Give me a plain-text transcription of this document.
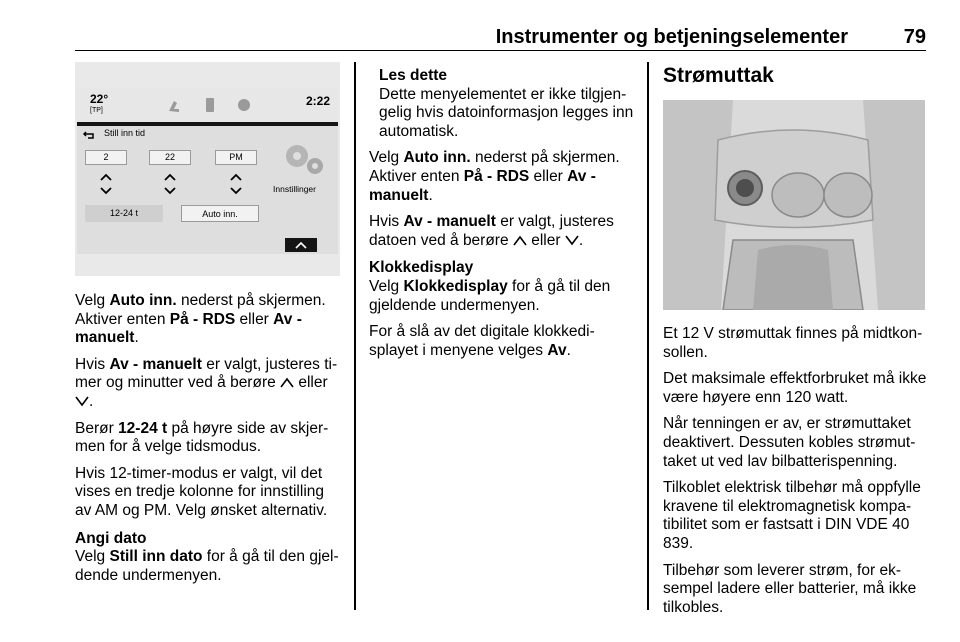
Instrumenter og betjeningselementer	79
22°
[TP]
2:22
Still inn tid
2	22	PM
12-24 t	Auto inn.
Innstillinger

Velg Auto inn. nederst på skjermen. Aktiver enten På - RDS eller Av - manuelt.

Hvis Av - manuelt er valgt, justeres timer og minutter ved å berøre  eller .

Berør 12-24 t på høyre side av skjermen for å velge tidsmodus.

Hvis 12-timer-modus er valgt, vil det vises en tredje kolonne for innstilling av AM og PM. Velg ønsket alternativ.

Angi dato

Velg Still inn dato for å gå til den gjeldende undermenyen.

Les dette

Dette menyelementet er ikke tilgjengelig hvis datoinformasjon legges inn automatisk.

Velg Auto inn. nederst på skjermen. Aktiver enten På - RDS eller Av - manuelt.

Hvis Av - manuelt er valgt, justeres datoen ved å berøre  eller .

Klokkedisplay

Velg Klokkedisplay for å gå til den gjeldende undermenyen.

For å slå av det digitale klokkedisplayet i menyene velges Av.

Strømuttak

Et 12 V strømuttak finnes på midtkonsollen.

Det maksimale effektforbruket må ikke være høyere enn 120 watt.

Når tenningen er av, er strømuttaket deaktivert. Dessuten kobles strømuttaket ut ved lav bilbatterispenning.

Tilkoblet elektrisk tilbehør må oppfylle kravene til elektromagnetisk kompatibilitet som er fastsatt i DIN VDE 40 839.

Tilbehør som leverer strøm, for eksempel ladere eller batterier, må ikke tilkobles.
